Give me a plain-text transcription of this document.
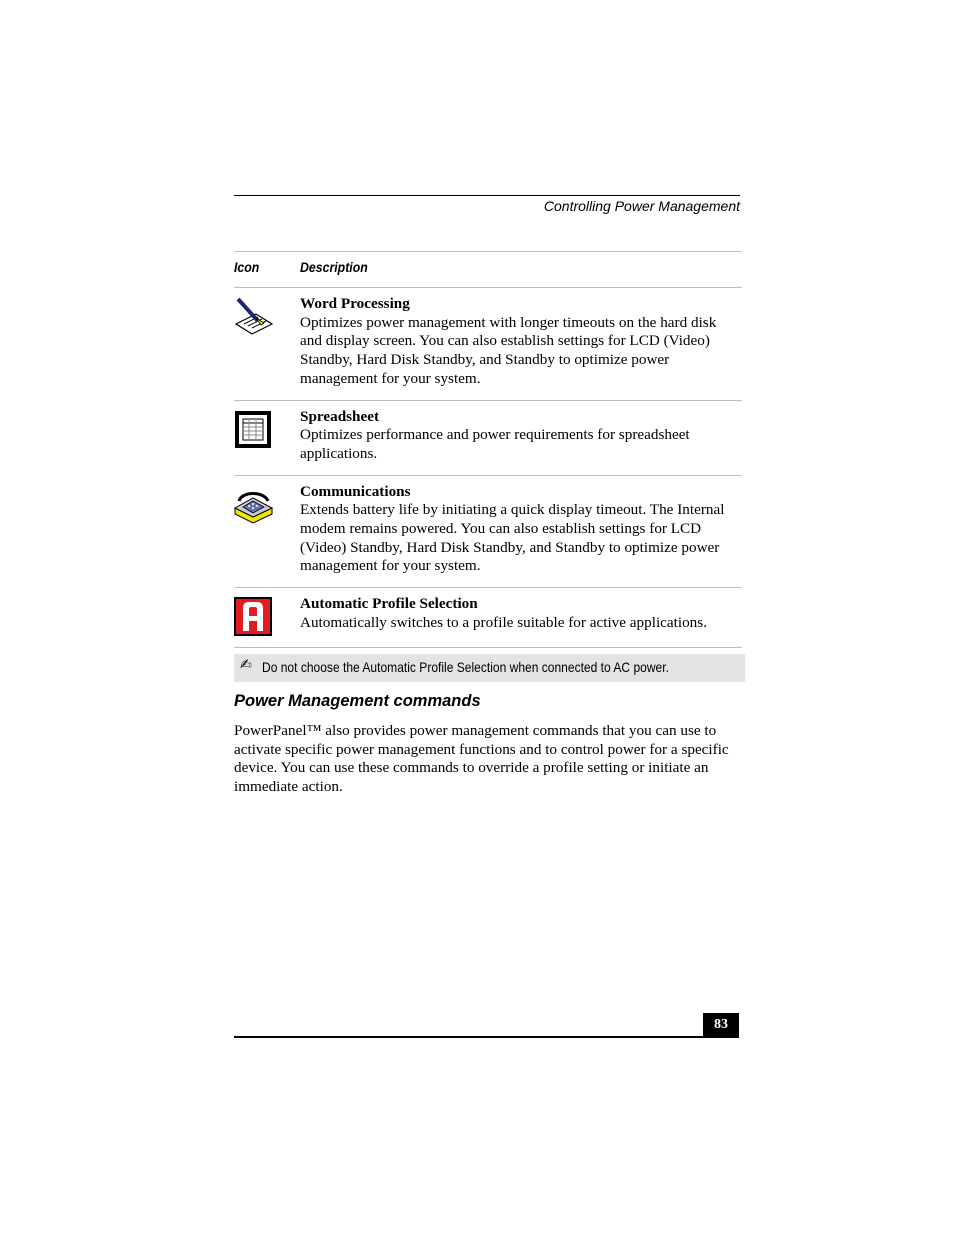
Controlling Power Management
Icon	Description
Word Processing
Optimizes power management with longer timeouts on the hard disk and display screen. You can also establish settings for LCD (Video) Standby, Hard Disk Standby, and Standby to optimize power management for your system.
Spreadsheet
Optimizes performance and power requirements for spreadsheet applications.
Communications
Extends battery life by initiating a quick display timeout. The Internal modem remains powered. You can also establish settings for LCD (Video) Standby, Hard Disk Standby, and Standby to optimize power management for your system.
Automatic Profile Selection
Automatically switches to a profile suitable for active applications.
✍ Do not choose the Automatic Profile Selection when connected to AC power.
Power Management commands
PowerPanel™ also provides power management commands that you can use to activate specific power management functions and to control power for a specific device. You can use these commands to override a profile setting or initiate an immediate action.
83
